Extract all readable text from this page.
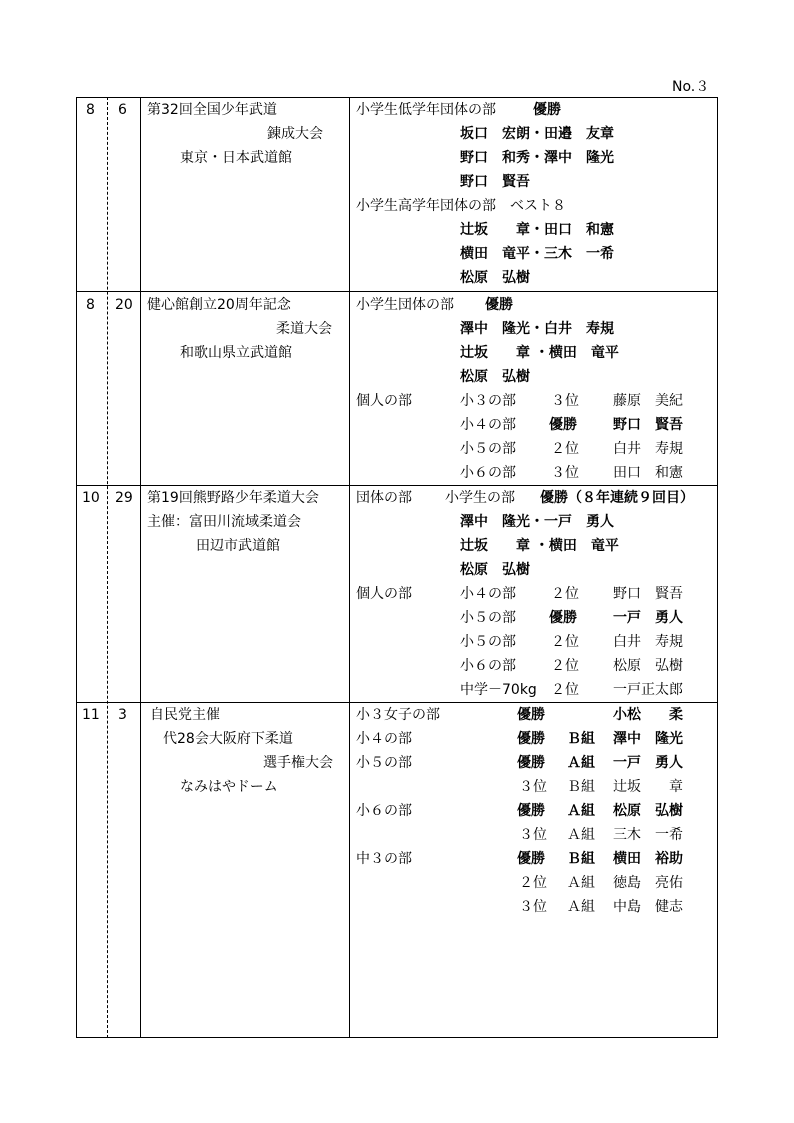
No.３
8 6 第32回全国少年武道
錬成大会
東京・日本武道館
小学生低学年団体の部	優勝
坂口　宏朗・田邉　友章
野口　和秀・澤中　隆光
野口　賢吾
小学生高学年団体の部　ベスト８
辻坂　　章・田口　和憲
横田　竜平・三木　一希
松原　弘樹
8 20 健心館創立20周年記念
柔道大会
和歌山県立武道館
小学生団体の部 優勝
澤中　隆光・白井　寿規
辻坂　　章 ・横田　竜平
松原　弘樹
個人の部	小３の部	３位 藤原　美紀
小４の部 優勝	野口　賢吾
小５の部	２位 白井　寿規
小６の部	３位 田口　和憲
10 29 第19回熊野路少年柔道大会
主催：富田川流域柔道会
田辺市武道館
団体の部 小学生の部 優勝（８年連続９回目）
澤中　隆光・一戸　勇人
辻坂　　章 ・横田　竜平
松原　弘樹
個人の部	小４の部	２位 野口　賢吾
小５の部 優勝	一戸　勇人
小５の部	２位 白井　寿規
小６の部	２位 松原　弘樹
中学－70kg ２位 一戸正太郎
11 3 自民党主催
代28会大阪府下柔道
選手権大会
なみはやドーム
小３女子の部	優勝	小松　　柔
小４の部	優勝 Ｂ組 澤中　隆光
小５の部	優勝 Ａ組 一戸　勇人
３位 Ｂ組 辻坂　　章
小６の部	優勝 Ａ組 松原　弘樹
３位 Ａ組 三木　一希
中３の部	優勝 Ｂ組 横田　裕助
２位 Ａ組 徳島　亮佑
３位 Ａ組 中島　健志
